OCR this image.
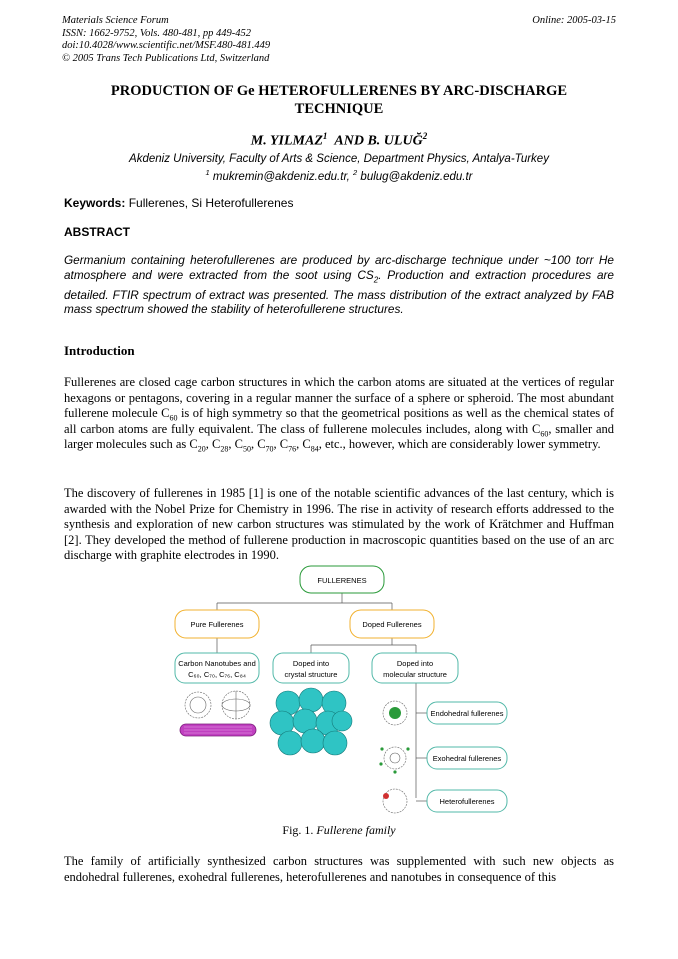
Materials Science Forum
ISSN: 1662-9752, Vols. 480-481, pp 449-452
doi:10.4028/www.scientific.net/MSF.480-481.449
© 2005 Trans Tech Publications Ltd, Switzerland
Online: 2005-03-15
PRODUCTION OF Ge HETEROFULLERENES BY ARC-DISCHARGE
TECHNIQUE
M. YILMAZ$^1$ AND B. ULUĞ$^2$
Akdeniz University, Faculty of Arts & Science, Department Physics, Antalya-Turkey
$^1$ mukremin@akdeniz.edu.tr, $^2$ bulug@akdeniz.edu.tr
Keywords: Fullerenes, Si Heterofullerenes
ABSTRACT
Germanium containing heterofullerenes are produced by arc-discharge technique under ~100 torr He atmosphere and were extracted from the soot using $CS_2$. Production and extraction procedures are detailed. FTIR spectrum of extract was presented. The mass distribution of the extract analyzed by FAB mass spectrum showed the stability of heterofullerene structures.
Introduction
Fullerenes are closed cage carbon structures in which the carbon atoms are situated at the vertices of regular hexagons or pentagons, covering in a regular manner the surface of a sphere or spheroid. The most abundant fullerene molecule $C_{60}$ is of high symmetry so that the geometrical positions as well as the chemical states of all carbon atoms are fully equivalent. The class of fullerene molecules includes, along with $C_{60}$, smaller and larger molecules such as $C_{20}$, $C_{28}$, $C_{50}$, $C_{70}$, $C_{76}$, $C_{84}$, etc., however, which are considerably lower symmetry.
The discovery of fullerenes in 1985 [1] is one of the notable scientific advances of the last century, which is awarded with the Nobel Prize for Chemistry in 1996. The rise in activity of research efforts addressed to the synthesis and exploration of new carbon structures was stimulated by the work of Krätchmer and Huffman [2]. They developed the method of fullerene production in macroscopic quantities based on the use of an arc discharge with graphite electrodes in 1990.
FULLERENES
Pure Fullerenes	Doped Fullerenes
Carbon Nanotubes and
C₆₀, C₇₀, C₇₆, C₈₄
Doped into
crystal structure
Doped into
molecular structure
Endohedral fullerenes
Exohedral fullerenes
Heterofullerenes
Fig. 1. Fullerene family
The family of artificially synthesized carbon structures was supplemented with such new objects as endohedral fullerenes, exohedral fullerenes, heterofullerenes and nanotubes in consequence of this
